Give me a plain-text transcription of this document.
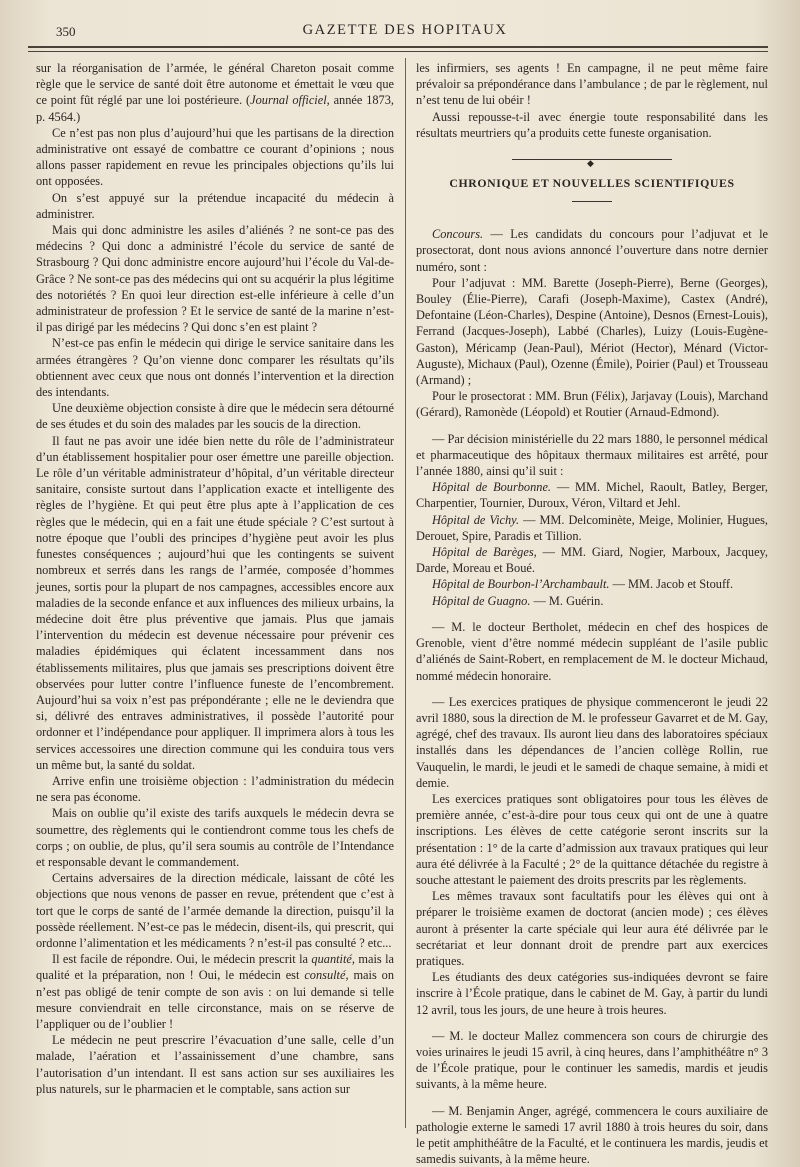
350	GAZETTE DES HOPITAUX

sur la réorganisation de l’armée, le général Chareton posait comme règle que le service de santé doit être autonome et émettait le vœu que ce point fût réglé par une loi postérieure. (Journal officiel, année 1873, p. 4564.)

Ce n’est pas non plus d’aujourd’hui que les partisans de la direction administrative ont essayé de combattre ce courant d’opinions ; nous allons passer rapidement en revue les principales objections qu’ils lui ont opposées.

On s’est appuyé sur la prétendue incapacité du médecin à administrer.

Mais qui donc administre les asiles d’aliénés ? ne sont-ce pas des médecins ? Qui donc a administré l’école du service de santé de Strasbourg ? Qui donc administre encore aujourd’hui l’école du Val-de-Grâce ? Ne sont-ce pas des médecins qui ont su acquérir la plus légitime des notoriétés ? En quoi leur direction est-elle inférieure à celle d’un administrateur de profession ? Et le service de santé de la marine n’est-il pas dirigé par les médecins ? Qui donc s’en est plaint ?

N’est-ce pas enfin le médecin qui dirige le service sanitaire dans les armées étrangères ? Qu’on vienne donc comparer les résultats qu’ils obtiennent avec ceux que nous ont donnés l’intervention et la direction des intendants.

Une deuxième objection consiste à dire que le médecin sera détourné de ses études et du soin des malades par les soucis de la direction.

Il faut ne pas avoir une idée bien nette du rôle de l’administrateur d’un établissement hospitalier pour oser émettre une pareille objection. Le rôle d’un véritable administrateur d’hôpital, d’un véritable directeur sanitaire, consiste surtout dans l’application exacte et intelligente des règles de l’hygiène. Et qui peut être plus apte à l’application de ces règles que le médecin, qui en a fait une étude spéciale ? C’est surtout à notre époque que l’oubli des principes d’hygiène peut avoir les plus funestes conséquences ; aujourd’hui que les contingents se suivent nombreux et serrés dans les rangs de l’armée, composée d’hommes jeunes, sortis pour la plupart de nos campagnes, accessibles encore aux maladies de la seconde enfance et aux influences des milieux urbains, la médecine doit être plus préventive que jamais. Plus que jamais l’intervention du médecin est devenue nécessaire pour prévenir ces maladies épidémiques qui éclatent incessamment dans nos établissements militaires, plus que jamais ses prescriptions doivent être observées pour lutter contre l’influence funeste de l’encombrement. Aujourd’hui sa voix n’est pas prépondérante ; elle ne le deviendra que si, délivré des entraves administratives, il possède l’autorité pour ordonner et l’indépendance pour appliquer. Il imprimera alors à tous les services accessoires une direction commune qui les conduira tous vers un même but, la santé du soldat.

Arrive enfin une troisième objection : l’administration du médecin ne sera pas économe.

Mais on oublie qu’il existe des tarifs auxquels le médecin devra se soumettre, des règlements qui le contiendront comme tous les chefs de corps ; on oublie, de plus, qu’il sera soumis au contrôle de l’Intendance et responsable devant le commandement.

Certains adversaires de la direction médicale, laissant de côté les objections que nous venons de passer en revue, prétendent que c’est à tort que le corps de santé de l’armée demande la direction, puisqu’il la possède réellement. N’est-ce pas le médecin, disent-ils, qui prescrit, qui ordonne l’alimentation et les médicaments ? n’est-il pas consulté ? etc...

Il est facile de répondre. Oui, le médecin prescrit la quantité, mais la qualité et la préparation, non ! Oui, le médecin est consulté, mais on n’est pas obligé de tenir compte de son avis : on lui demande si telle mesure conviendrait en telle circonstance, mais on se réserve de l’appliquer ou de l’oublier !

Le médecin ne peut prescrire l’évacuation d’une salle, celle d’un malade, l’aération et l’assainissement d’une chambre, sans l’autorisation d’un intendant. Il est sans action sur ses auxiliaires les plus naturels, sur le pharmacien et le comptable, sans action sur

les infirmiers, ses agents ! En campagne, il ne peut même faire prévaloir sa prépondérance dans l’ambulance ; de par le règlement, nul n’est tenu de lui obéir !

Aussi repousse-t-il avec énergie toute responsabilité dans les résultats meurtriers qu’a produits cette funeste organisation.

◆
CHRONIQUE ET NOUVELLES SCIENTIFIQUES

Concours. — Les candidats du concours pour l’adjuvat et le prosectorat, dont nous avions annoncé l’ouverture dans notre dernier numéro, sont :

Pour l’adjuvat : MM. Barette (Joseph-Pierre), Berne (Georges), Bouley (Élie-Pierre), Carafi (Joseph-Maxime), Castex (André), Defontaine (Léon-Charles), Despine (Antoine), Desnos (Ernest-Louis), Ferrand (Jacques-Joseph), Labbé (Charles), Luizy (Louis-Eugène-Gaston), Méricamp (Jean-Paul), Mériot (Hector), Ménard (Victor-Auguste), Michaux (Paul), Ozenne (Émile), Poirier (Paul) et Trousseau (Armand) ;

Pour le prosectorat : MM. Brun (Félix), Jarjavay (Louis), Marchand (Gérard), Ramonède (Léopold) et Routier (Arnaud-Edmond).

— Par décision ministérielle du 22 mars 1880, le personnel médical et pharmaceutique des hôpitaux thermaux militaires est arrêté, pour l’année 1880, ainsi qu’il suit :

Hôpital de Bourbonne. — MM. Michel, Raoult, Batley, Berger, Charpentier, Tournier, Duroux, Véron, Viltard et Jehl.

Hôpital de Vichy. — MM. Delcominète, Meige, Molinier, Hugues, Derouet, Spire, Paradis et Tillion.

Hôpital de Barèges, — MM. Giard, Nogier, Marboux, Jacquey, Darde, Moreau et Boué.

Hôpital de Bourbon-l’Archambault. — MM. Jacob et Stouff.

Hôpital de Guagno. — M. Guérin.

— M. le docteur Bertholet, médecin en chef des hospices de Grenoble, vient d’être nommé médecin suppléant de l’asile public d’aliénés de Saint-Robert, en remplacement de M. le docteur Michaud, nommé médecin honoraire.

— Les exercices pratiques de physique commenceront le jeudi 22 avril 1880, sous la direction de M. le professeur Gavarret et de M. Gay, agrégé, chef des travaux. Ils auront lieu dans des laboratoires spéciaux installés dans les dépendances de l’ancien collège Rollin, rue Vauquelin, le mardi, le jeudi et le samedi de chaque semaine, à midi et demie.

Les exercices pratiques sont obligatoires pour tous les élèves de première année, c’est-à-dire pour tous ceux qui ont de une à quatre inscriptions. Les élèves de cette catégorie seront inscrits sur la présentation : 1° de la carte d’admission aux travaux pratiques qui leur aura été délivrée à la Faculté ; 2° de la quittance détachée du registre à souche attestant le paiement des droits prescrits par les règlements.

Les mêmes travaux sont facultatifs pour les élèves qui ont à préparer le troisième examen de doctorat (ancien mode) ; ces élèves auront à présenter la carte spéciale qui leur aura été délivrée par le secrétariat et leur donnant droit de prendre part aux exercices pratiques.

Les étudiants des deux catégories sus-indiquées devront se faire inscrire à l’École pratique, dans le cabinet de M. Gay, à partir du lundi 12 avril, tous les jours, de une heure à trois heures.

— M. le docteur Mallez commencera son cours de chirurgie des voies urinaires le jeudi 15 avril, à cinq heures, dans l’amphithéâtre n° 3 de l’École pratique, pour le continuer les samedis, mardis et jeudis suivants, à la même heure.

— M. Benjamin Anger, agrégé, commencera le cours auxiliaire de pathologie externe le samedi 17 avril 1880 à trois heures du soir, dans le petit amphithéâtre de la Faculté, et le continuera les mardis, jeudis et samedis suivants, à la même heure.
